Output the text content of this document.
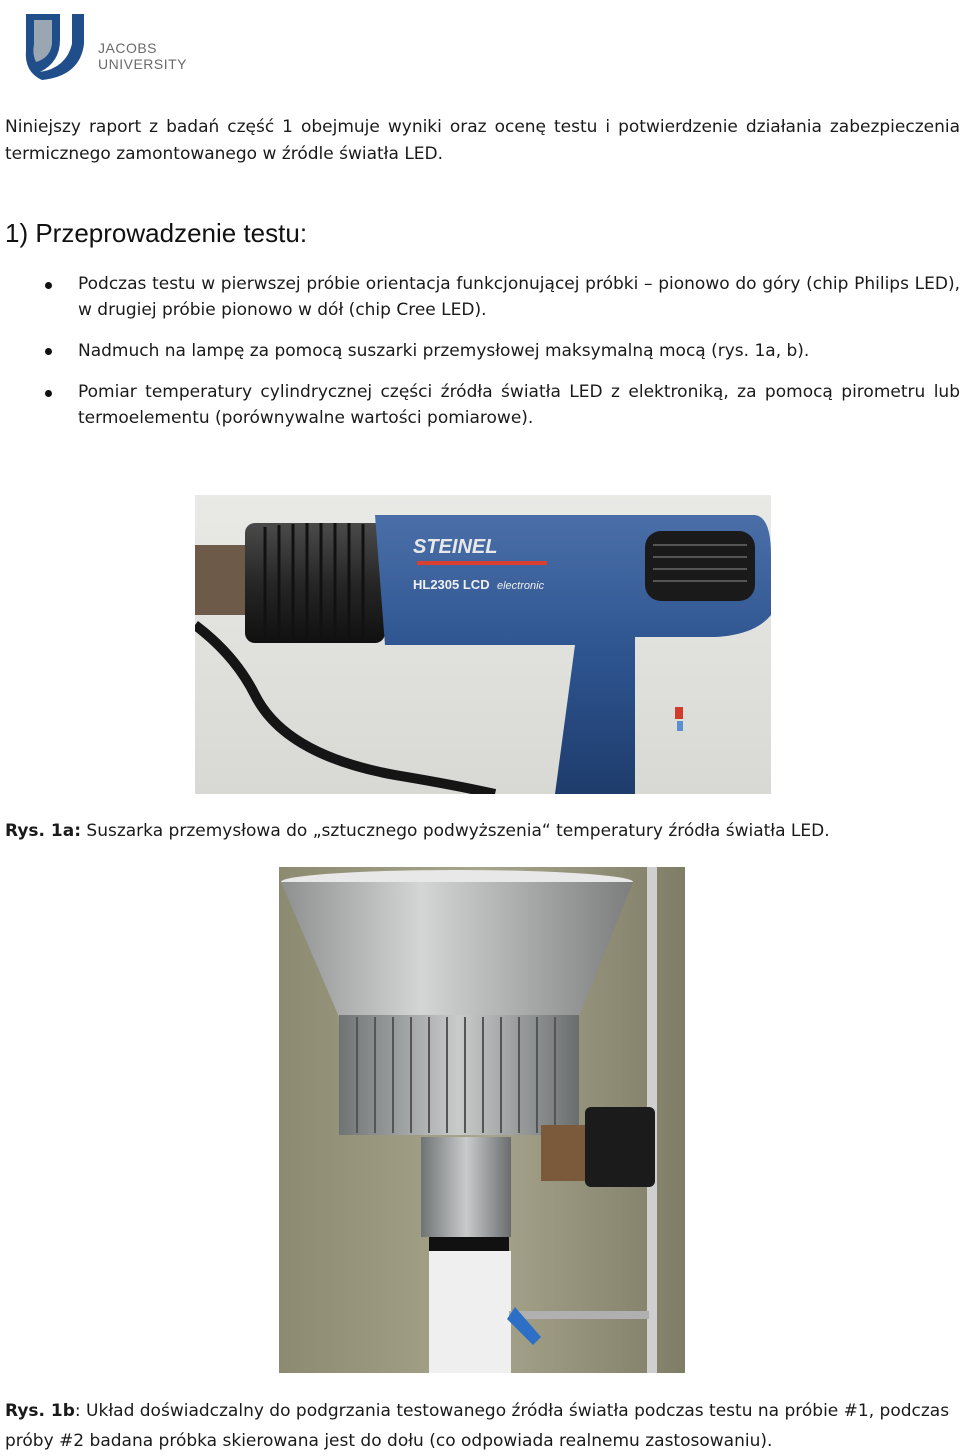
JACOBS
UNIVERSITY
Niniejszy raport z badań część 1 obejmuje wyniki oraz ocenę testu i potwierdzenie działania zabezpieczenia termicznego zamontowanego w źródle światła LED.
1) Przeprowadzenie testu:
Podczas testu w pierwszej próbie orientacja funkcjonującej próbki – pionowo do góry (chip Philips LED), w drugiej próbie pionowo w dół (chip Cree LED).
Nadmuch na lampę za pomocą suszarki przemysłowej maksymalną mocą (rys. 1a, b).
Pomiar temperatury cylindrycznej części źródła światła LED z elektroniką, za pomocą pirometru lub termoelementu (porównywalne wartości pomiarowe).
STEINEL
HL2305 LCD electronic
Rys. 1a: Suszarka przemysłowa do „sztucznego podwyższenia“ temperatury źródła światła LED.
Rys. 1b: Układ doświadczalny do podgrzania testowanego źródła światła podczas testu na próbie #1, podczas próby #2 badana próbka skierowana jest do dołu (co odpowiada realnemu zastosowaniu).
